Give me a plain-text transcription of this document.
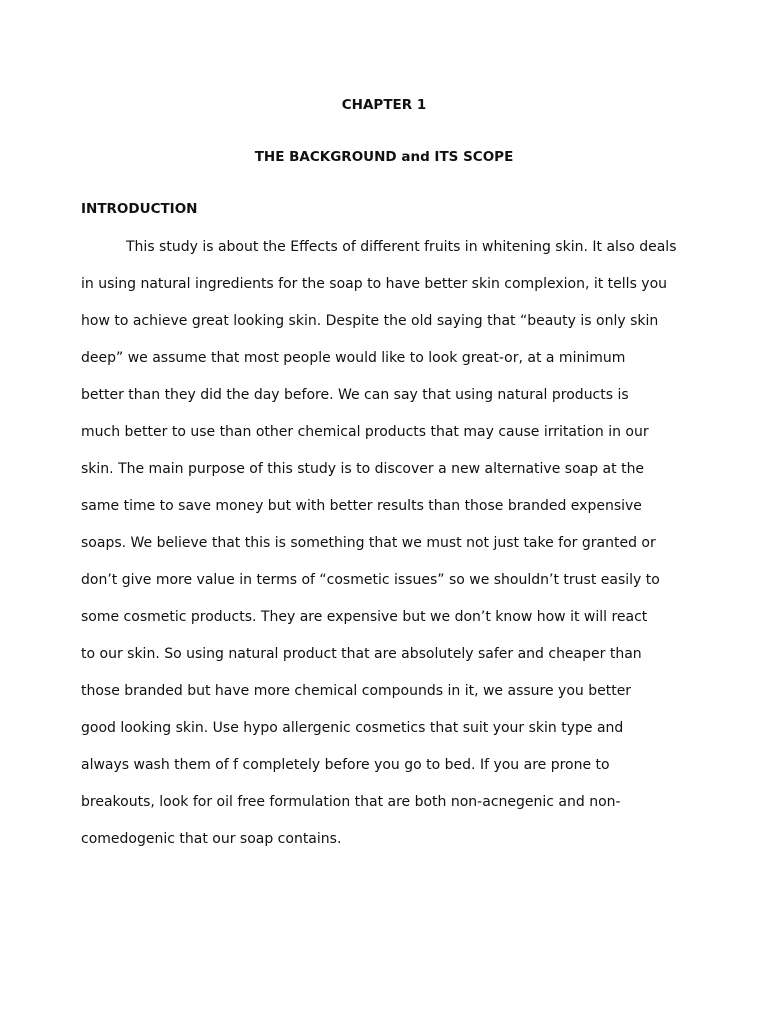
CHAPTER 1
THE BACKGROUND and ITS SCOPE
INTRODUCTION
This study is about the Effects of different fruits in whitening skin. It also deals
in using natural ingredients for the soap to have better skin complexion, it tells you
how to achieve great looking skin. Despite the old saying that “beauty is only skin
deep” we assume that most people would like to look great-or, at a minimum
better than they did the day before. We can say that using natural products is
much better to use than other chemical products that may cause irritation in our
skin. The main purpose of this study is to discover a new alternative soap at the
same time to save money but with better results than those branded expensive
soaps. We believe that this is something that we must not just take for granted or
don’t give more value in terms of “cosmetic issues” so we shouldn’t trust easily to
some cosmetic products. They are expensive but we don’t know how it will react
to our skin. So using natural product that are absolutely safer and cheaper than
those branded but have more chemical compounds in it, we assure you better
good looking skin. Use hypo allergenic cosmetics that suit your skin type and
always wash them of f completely before you go to bed. If you are prone to
breakouts, look for oil free formulation that are both non-acnegenic and non-
comedogenic that our soap contains.
